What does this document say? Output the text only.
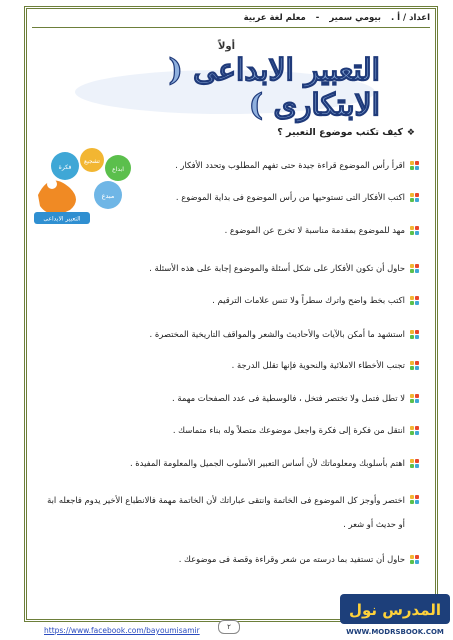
اعداد / أ .
بيومي سمير
-
معلم لغة عربية
أولاً
التعبير الابداعى ( الابتكارى )
❖
كيف تكتب موضوع التعبير ؟
فكرة
تشجيع
ابداع
مبدع
التعبير الابداعى
اقرأ رأس الموضوع قراءة جيدة حتى تفهم المطلوب وتحدد الأفكار .
اكتب الأفكار التى تستوحيها من رأس الموضوع فى بداية الموضوع .
مهد للموضوع بمقدمة مناسبة لا تخرج عن الموضوع .
حاول أن تكون الأفكار على شكل أسئلة والموضوع إجابة على هذه الأسئلة .
اكتب بخط واضح واترك سطراً ولا تنس علامات الترقيم .
استشهد ما أمكن بالآيات والأحاديث والشعر والمواقف التاريخية المختصرة .
تجنب الأخطاء الاملائية والنحوية فإنها تقلل الدرجة .
لا تطل فتمل ولا تختصر فتخل ، فالوسطية فى عدد الصفحات مهمة .
انتقل من فكرة إلى فكرة واجعل موضوعك متصلاً وله بناء متماسك .
اهتم بأسلوبك ومعلوماتك لأن أساس التعبير الأسلوب الجميل والمعلومة المفيدة .
اختصر وأوجز كل الموضوع فى الخاتمة وانتقى عباراتك لأن الخاتمة مهمة فالانطباع الأخير يدوم فاجعله ابة أو حديث أو شعر .
حاول أن تستفيد بما درسته من شعر وقراءة وقصة فى موضوعك .
٢
https://www.facebook.com/bayoumisamir
المدرس نول
WWW.MODRSBOOK.COM
